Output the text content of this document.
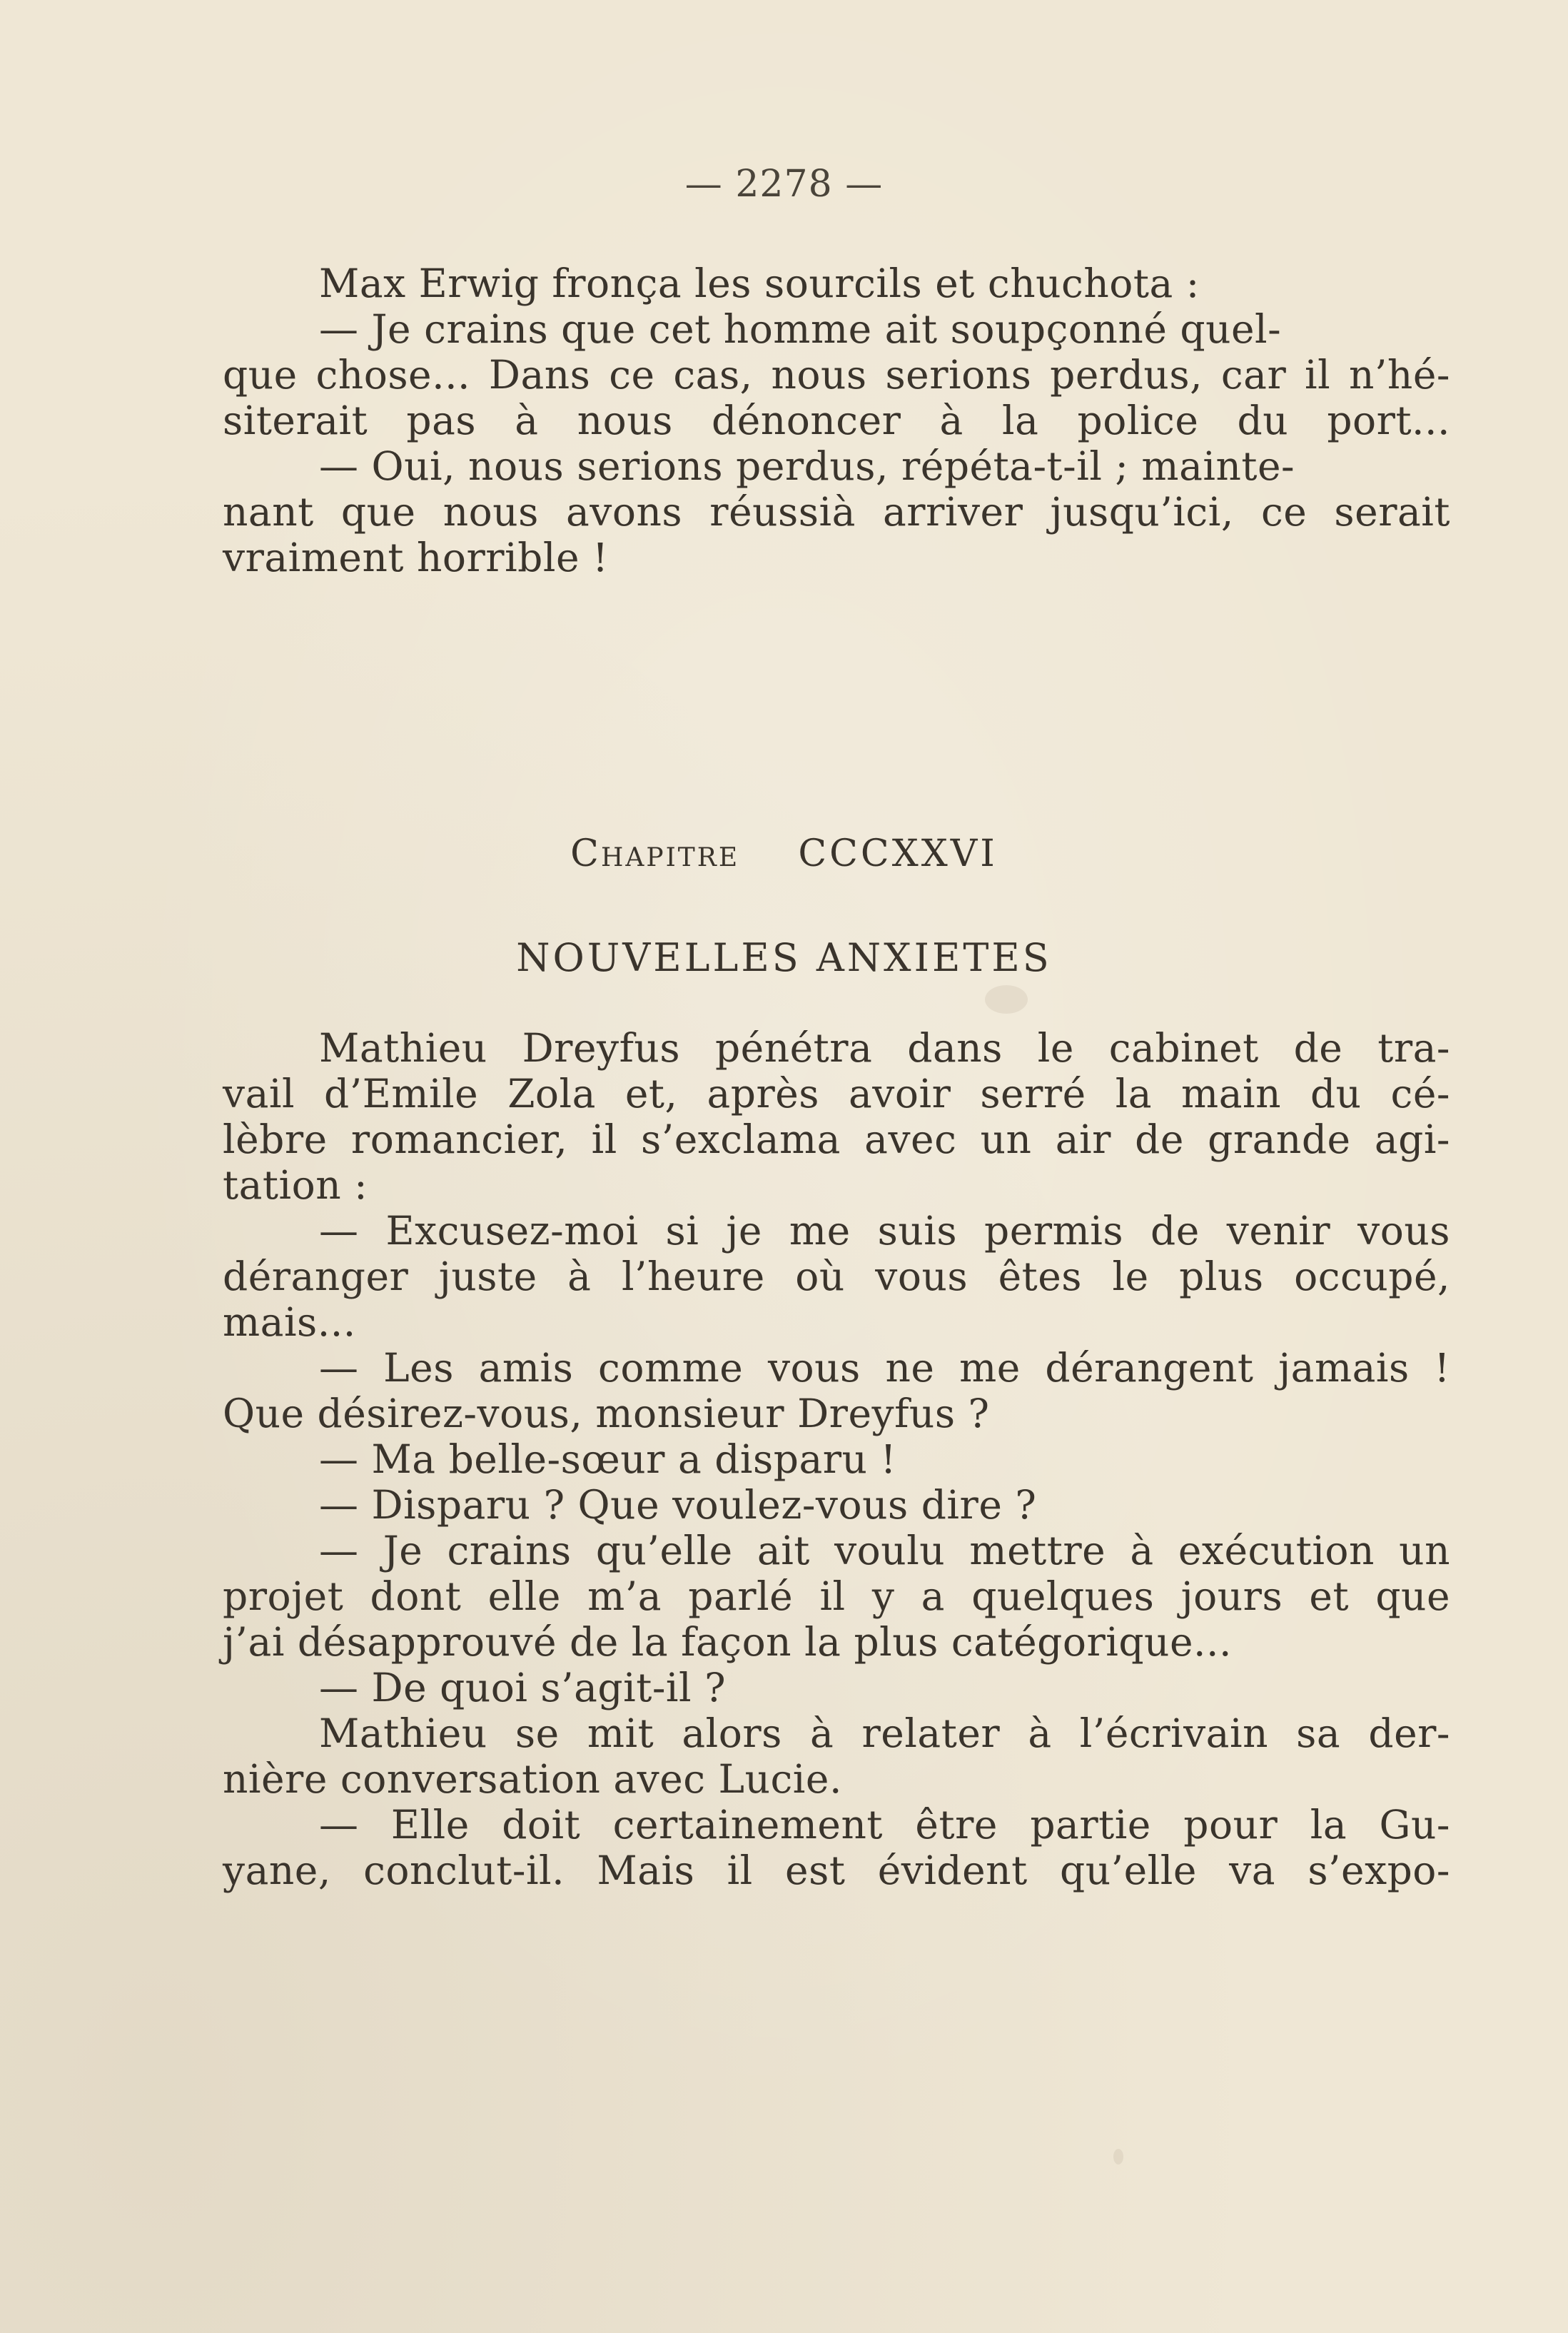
— 2278 —
Max Erwig fronça les sourcils et chuchota :
— Je crains que cet homme ait soupçonné quel-
que chose... Dans ce cas, nous serions perdus, car il n’hé-
siterait pas à nous dénoncer à la police du port...
— Oui, nous serions perdus, répéta-t-il ; mainte-
nant que nous avons réussià arriver jusqu’ici, ce serait
vraiment horrible !
Chapitre CCCXXVI
NOUVELLES ANXIETES
Mathieu Dreyfus pénétra dans le cabinet de tra-
vail d’Emile Zola et, après avoir serré la main du cé-
lèbre romancier, il s’exclama avec un air de grande agi-
tation :
— Excusez-moi si je me suis permis de venir vous
déranger juste à l’heure où vous êtes le plus occupé,
mais...
— Les amis comme vous ne me dérangent jamais !
Que désirez-vous, monsieur Dreyfus ?
— Ma belle-sœur a disparu !
— Disparu ? Que voulez-vous dire ?
— Je crains qu’elle ait voulu mettre à exécution un
projet dont elle m’a parlé il y a quelques jours et que
j’ai désapprouvé de la façon la plus catégorique...
— De quoi s’agit-il ?
Mathieu se mit alors à relater à l’écrivain sa der-
nière conversation avec Lucie.
— Elle doit certainement être partie pour la Gu-
yane, conclut-il. Mais il est évident qu’elle va s’expo-
